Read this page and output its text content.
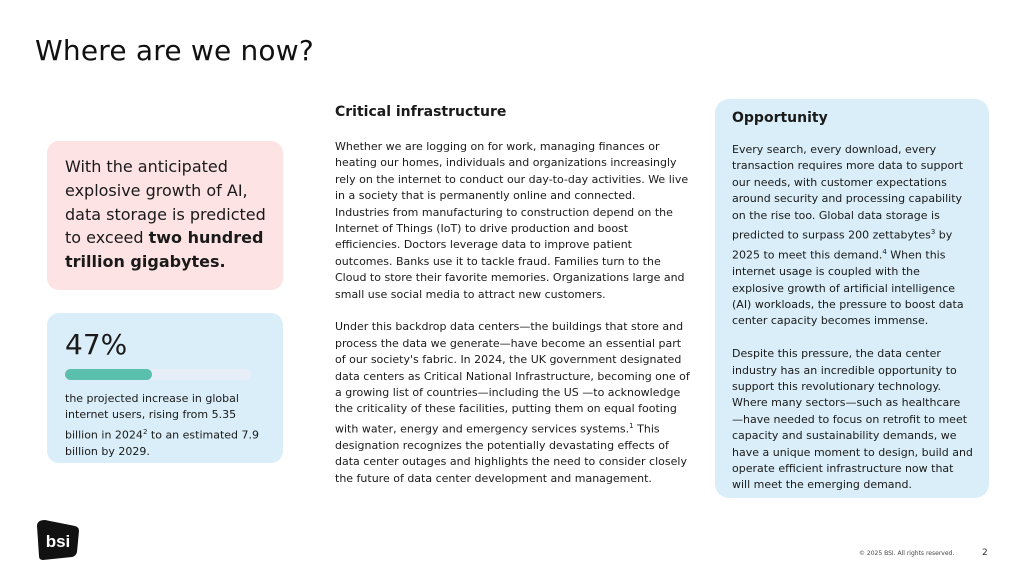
Where are we now?

With the anticipated explosive growth of AI, data storage is predicted to exceed two hundred trillion gigabytes.

47%

the projected increase in global internet users, rising from 5.35 billion in 2024$^2$ to an estimated 7.9 billion by 2029.

Critical infrastructure

Whether we are logging on for work, managing finances or heating our homes, individuals and organizations increasingly rely on the internet to conduct our day-to-day activities. We live in a society that is permanently online and connected. Industries from manufacturing to construction depend on the Internet of Things (IoT) to drive production and boost efficiencies. Doctors leverage data to improve patient outcomes. Banks use it to tackle fraud. Families turn to the Cloud to store their favorite memories. Organizations large and small use social media to attract new customers.

Under this backdrop data centers—the buildings that store and process the data we generate—have become an essential part of our society's fabric. In 2024, the UK government designated data centers as Critical National Infrastructure, becoming one of a growing list of countries—including the US —to acknowledge the criticality of these facilities, putting them on equal footing with water, energy and emergency services systems.$^1$ This designation recognizes the potentially devastating effects of data center outages and highlights the need to consider closely the future of data center development and management.

Opportunity

Every search, every download, every transaction requires more data to support our needs, with customer expectations around security and processing capability on the rise too. Global data storage is predicted to surpass 200 zettabytes$^3$ by 2025 to meet this demand.$^4$ When this internet usage is coupled with the explosive growth of artificial intelligence (AI) workloads, the pressure to boost data center capacity becomes immense.

Despite this pressure, the data center industry has an incredible opportunity to support this revolutionary technology. Where many sectors—such as healthcare —have needed to focus on retrofit to meet capacity and sustainability demands, we have a unique moment to design, build and operate efficient infrastructure now that will meet the emerging demand.

bsi
© 2025 BSI. All rights reserved.	2
